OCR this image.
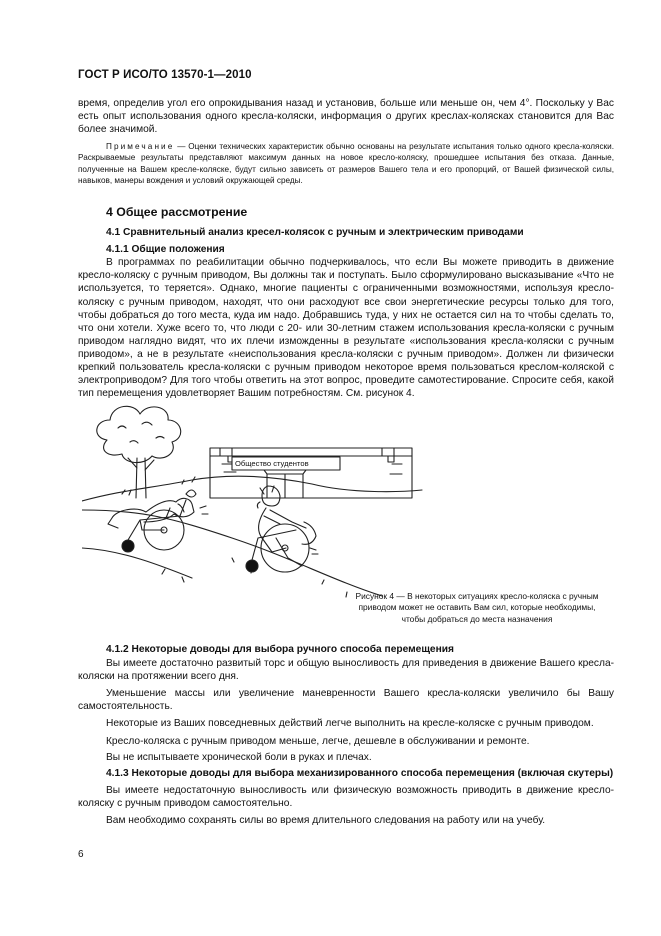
ГОСТ Р ИСО/ТО 13570-1—2010

время, определив угол его опрокидывания назад и установив, больше или меньше он, чем 4°. Поскольку у Вас есть опыт использования одного кресла-коляски, информация о других креслах-колясках становится для Вас более значимой.

Примечание — Оценки технических характеристик обычно основаны на результате испытания только одного кресла-коляски. Раскрываемые результаты представляют максимум данных на новое кресло-коляску, прошедшее испытания без отказа. Данные, полученные на Вашем кресле-коляске, будут сильно зависеть от размеров Вашего тела и его пропорций, от Вашей физической силы, навыков, манеры вождения и условий окружающей среды.

4 Общее рассмотрение

4.1 Сравнительный анализ кресел-колясок с ручным и электрическим приводами

4.1.1 Общие положения

В программах по реабилитации обычно подчеркивалось, что если Вы можете приводить в движение кресло-коляску с ручным приводом, Вы должны так и поступать. Было сформулировано высказывание «Что не используется, то теряется». Однако, многие пациенты с ограниченными возможностями, используя кресло-коляску с ручным приводом, находят, что они расходуют все свои энергетические ресурсы только для того, чтобы добраться до того места, куда им надо. Добравшись туда, у них не остается сил на то чтобы сделать то, что они хотели. Хуже всего то, что люди с 20- или 30-летним стажем использования кресла-коляски с ручным приводом наглядно видят, что их плечи изможденны в результате «использования кресла-коляски с ручным приводом», а не в результате «неиспользования кресла-коляски с ручным приводом». Должен ли физически крепкий пользователь кресла-коляски с ручным приводом некоторое время пользоваться креслом-коляской с электроприводом? Для того чтобы ответить на этот вопрос, проведите самотестирование. Спросите себя, какой тип перемещения удовлетворяет Вашим потребностям. См. рисунок 4.

Общество студентов
Рисунок 4 — В некоторых ситуациях кресло-коляска с ручным приводом может не оставить Вам сил, которые необходимы, чтобы добраться до места назначения

4.1.2 Некоторые доводы для выбора ручного способа перемещения

Вы имеете достаточно развитый торс и общую выносливость для приведения в движение Вашего кресла-коляски на протяжении всего дня.

Уменьшение массы или увеличение маневренности Вашего кресла-коляски увеличило бы Вашу самостоятельность.

Некоторые из Ваших повседневных действий легче выполнить на кресле-коляске с ручным приводом.

Кресло-коляска с ручным приводом меньше, легче, дешевле в обслуживании и ремонте.

Вы не испытываете хронической боли в руках и плечах.

4.1.3 Некоторые доводы для выбора механизированного способа перемещения (включая скутеры)

Вы имеете недостаточную выносливость или физическую возможность приводить в движение кресло-коляску с ручным приводом самостоятельно.

Вам необходимо сохранять силы во время длительного следования на работу или на учебу.

6
